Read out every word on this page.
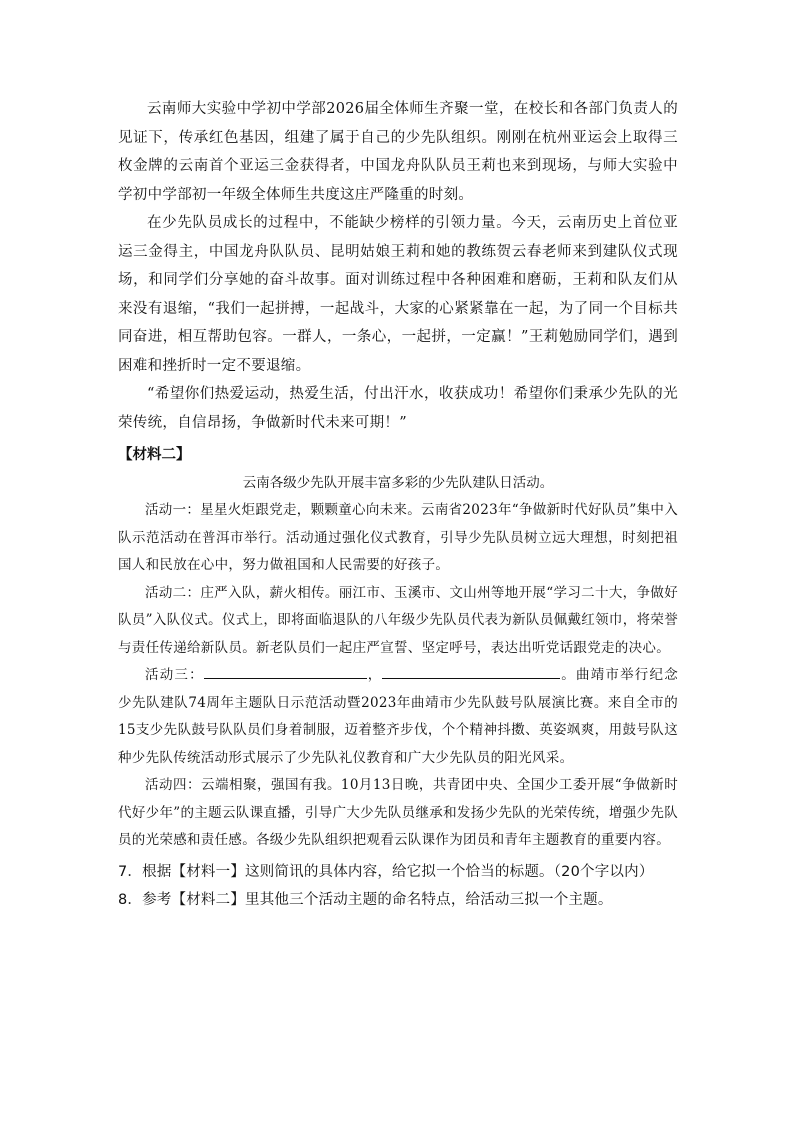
云南师大实验中学初中学部2026届全体师生齐聚一堂，在校长和各部门负责人的见证下，传承红色基因，组建了属于自己的少先队组织。刚刚在杭州亚运会上取得三枚金牌的云南首个亚运三金获得者，中国龙舟队队员王莉也来到现场，与师大实验中学初中学部初一年级全体师生共度这庄严隆重的时刻。

在少先队员成长的过程中，不能缺少榜样的引领力量。今天，云南历史上首位亚运三金得主，中国龙舟队队员、昆明姑娘王莉和她的教练贺云春老师来到建队仪式现场，和同学们分享她的奋斗故事。面对训练过程中各种困难和磨砺，王莉和队友们从来没有退缩，“我们一起拼搏，一起战斗，大家的心紧紧靠在一起，为了同一个目标共同奋进，相互帮助包容。一群人，一条心，一起拼，一定赢！”王莉勉励同学们，遇到困难和挫折时一定不要退缩。

“希望你们热爱运动，热爱生活，付出汗水，收获成功！希望你们秉承少先队的光荣传统，自信昂扬，争做新时代未来可期！”

【材料二】

云南各级少先队开展丰富多彩的少先队建队日活动。

活动一：星星火炬跟党走，颗颗童心向未来。云南省2023年“争做新时代好队员”集中入队示范活动在普洱市举行。活动通过强化仪式教育，引导少先队员树立远大理想，时刻把祖国人和民放在心中，努力做祖国和人民需要的好孩子。

活动二：庄严入队，薪火相传。丽江市、玉溪市、文山州等地开展“学习二十大，争做好队员”入队仪式。仪式上，即将面临退队的八年级少先队员代表为新队员佩戴红领巾，将荣誉与责任传递给新队员。新老队员们一起庄严宣誓、坚定呼号，表达出听党话跟党走的决心。

活动三：	，	。曲靖市举行纪念少先队建队74周年主题队日示范活动暨2023年曲靖市少先队鼓号队展演比赛。来自全市的15支少先队鼓号队队员们身着制服，迈着整齐步伐，个个精神抖擞、英姿飒爽，用鼓号队这种少先队传统活动形式展示了少先队礼仪教育和广大少先队员的阳光风采。

活动四：云端相聚，强国有我。10月13日晚，共青团中央、全国少工委开展“争做新时代好少年”的主题云队课直播，引导广大少先队员继承和发扬少先队的光荣传统，增强少先队员的光荣感和责任感。各级少先队组织把观看云队课作为团员和青年主题教育的重要内容。

7．根据【材料一】这则简讯的具体内容，给它拟一个恰当的标题。（20个字以内）

8．参考【材料二】里其他三个活动主题的命名特点，给活动三拟一个主题。
